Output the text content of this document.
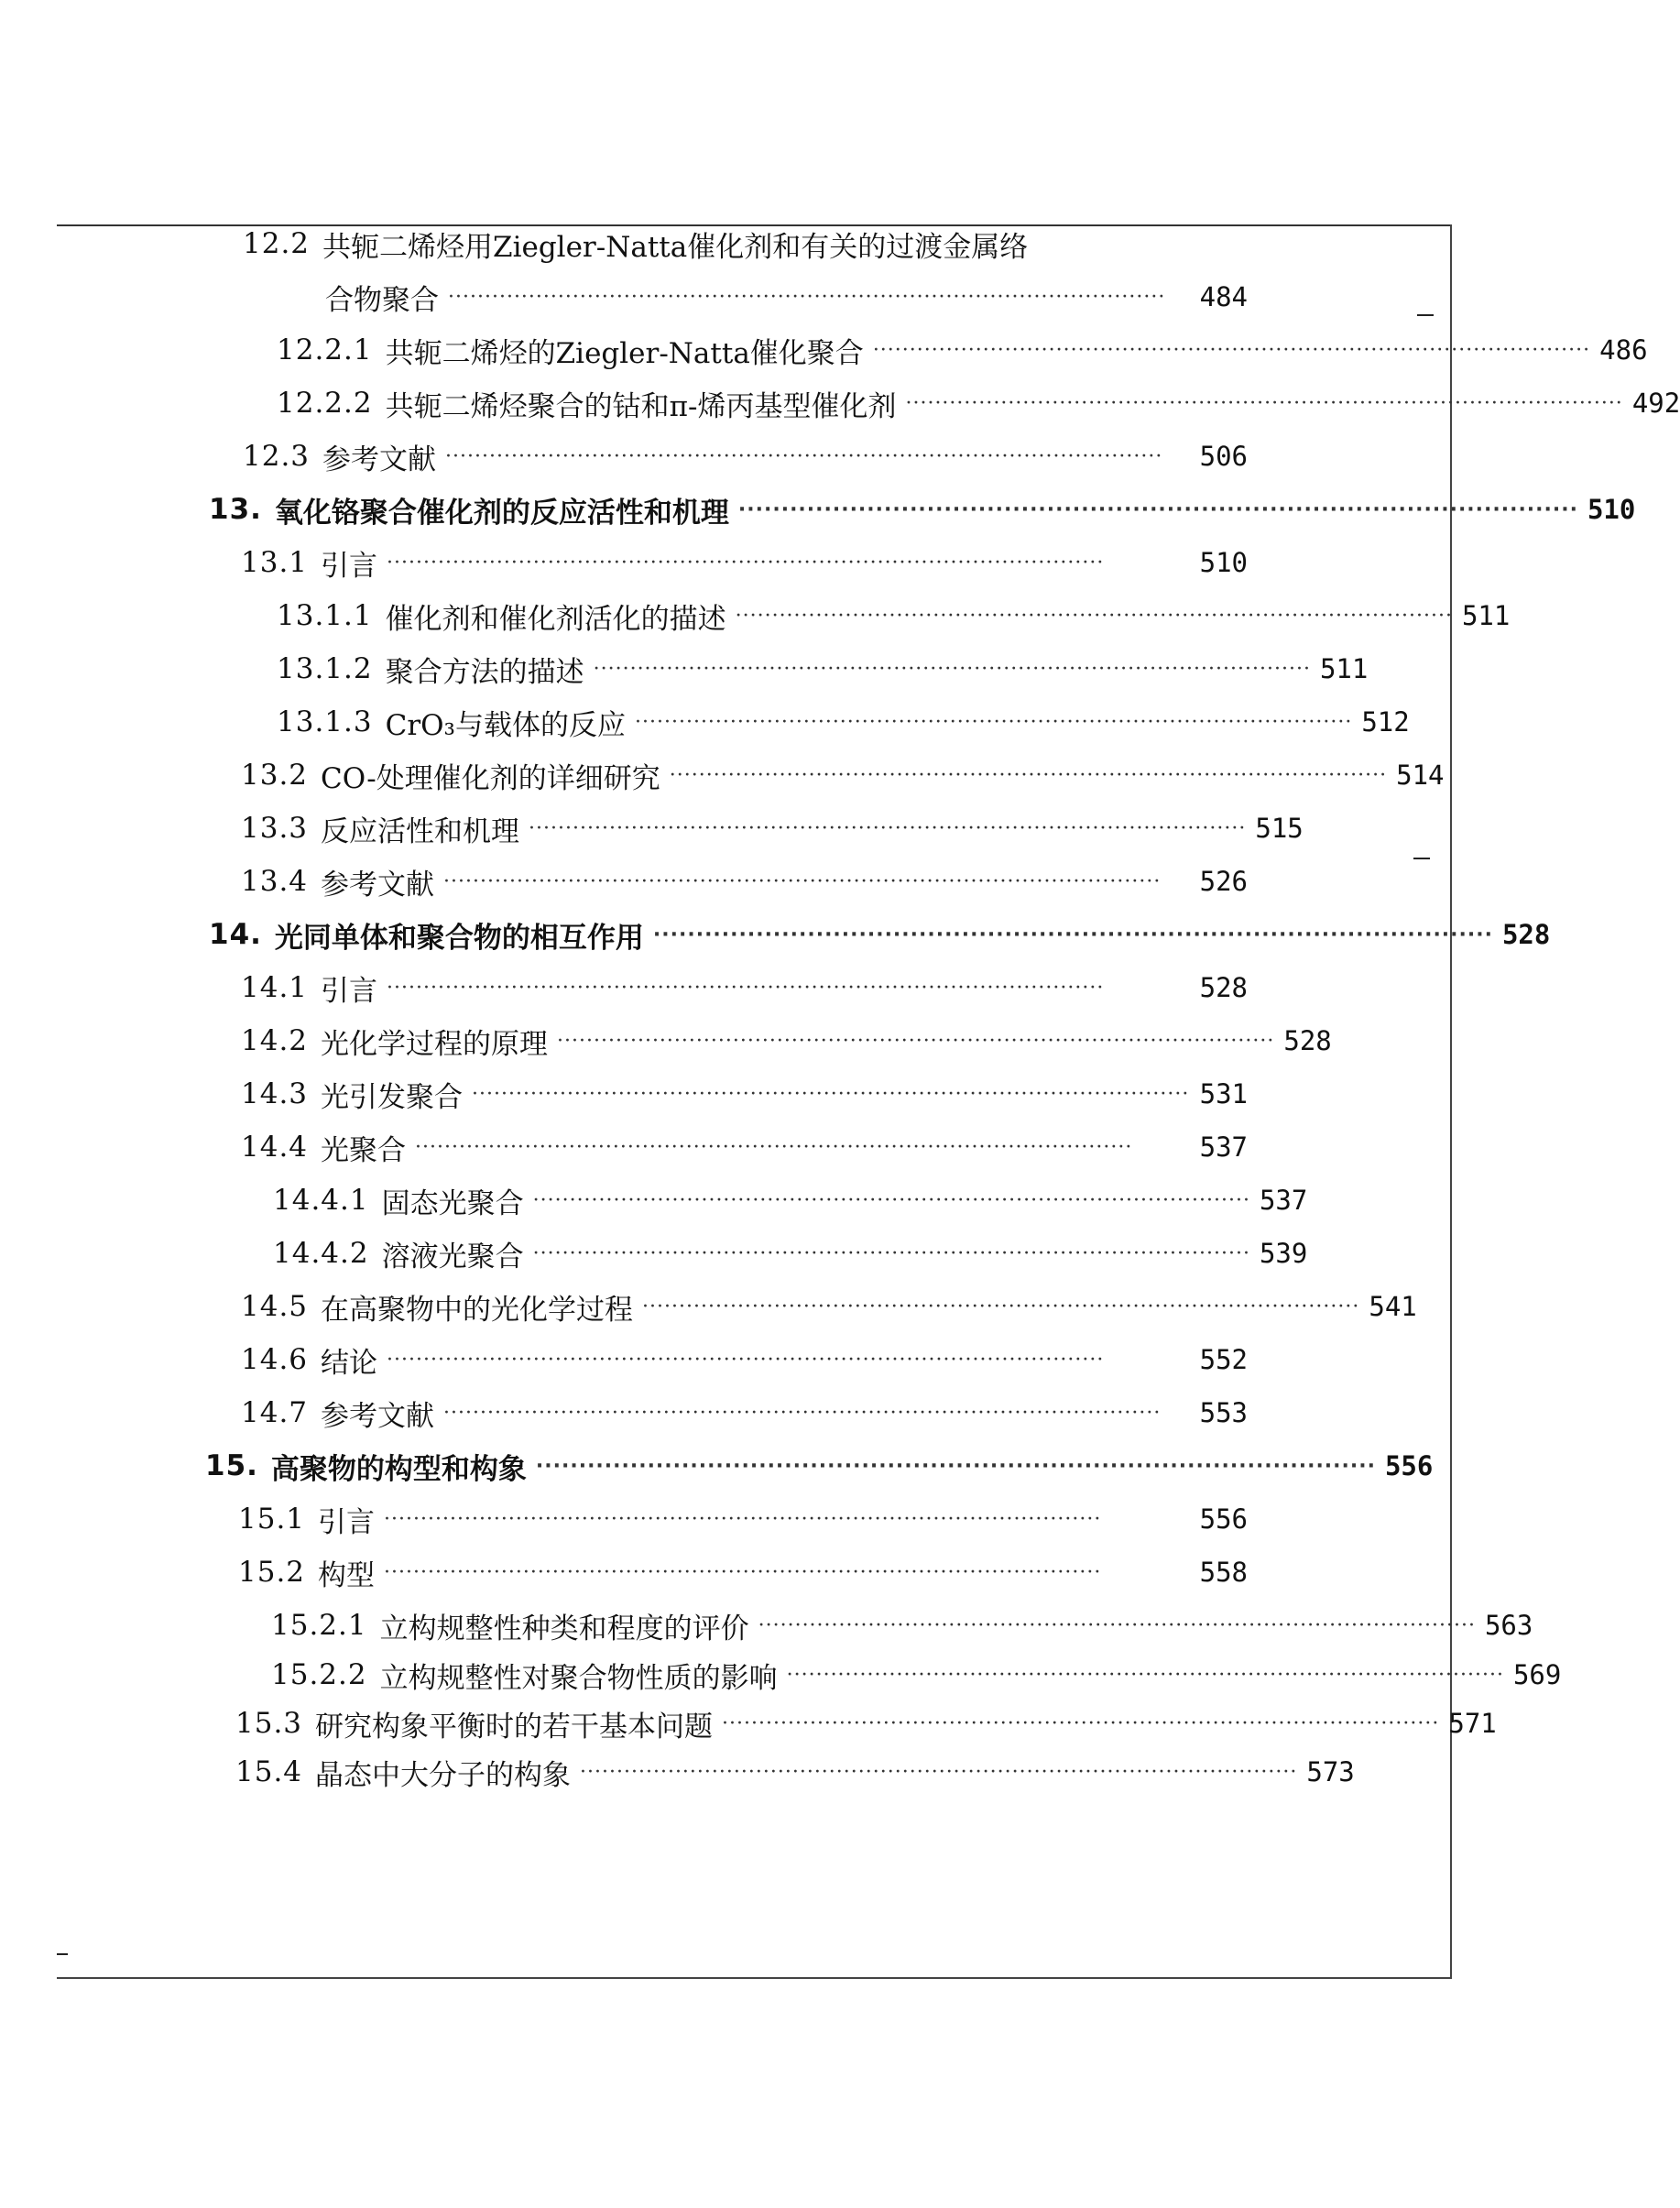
12.2 共轭二烯烃用Ziegler-Natta催化剂和有关的过渡金属络
合物聚合 ··································································································	484
12.2.1 共轭二烯烃的Ziegler-Natta催化聚合 ·································································································· 486
12.2.2 共轭二烯烃聚合的钴和π-烯丙基型催化剂 ·································································································· 492
12.3 参考文献 ··································································································	506
13. 氧化铬聚合催化剂的反应活性和机理 ·································································································· 510
13.1 引言 ··································································································	510
13.1.1 催化剂和催化剂活化的描述 ·································································································· 511
13.1.2 聚合方法的描述 ·································································································· 511
13.1.3 CrO₃与载体的反应 ·································································································· 512
13.2 CO-处理催化剂的详细研究 ·································································································· 514
13.3 反应活性和机理 ·································································································· 515
13.4 参考文献 ··································································································	526
14. 光同单体和聚合物的相互作用 ·································································································· 528
14.1 引言 ··································································································	528
14.2 光化学过程的原理 ·································································································· 528
14.3 光引发聚合 ·································································································· 531
14.4 光聚合 ··································································································	537
14.4.1 固态光聚合 ·································································································· 537
14.4.2 溶液光聚合 ·································································································· 539
14.5 在高聚物中的光化学过程 ·································································································· 541
14.6 结论 ··································································································	552
14.7 参考文献 ··································································································	553
15. 高聚物的构型和构象 ·································································································· 556
15.1 引言 ··································································································	556
15.2 构型 ··································································································	558
15.2.1 立构规整性种类和程度的评价 ·································································································· 563
15.2.2 立构规整性对聚合物性质的影响 ·································································································· 569
15.3 研究构象平衡时的若干基本问题 ·································································································· 571
15.4 晶态中大分子的构象 ·································································································· 573
